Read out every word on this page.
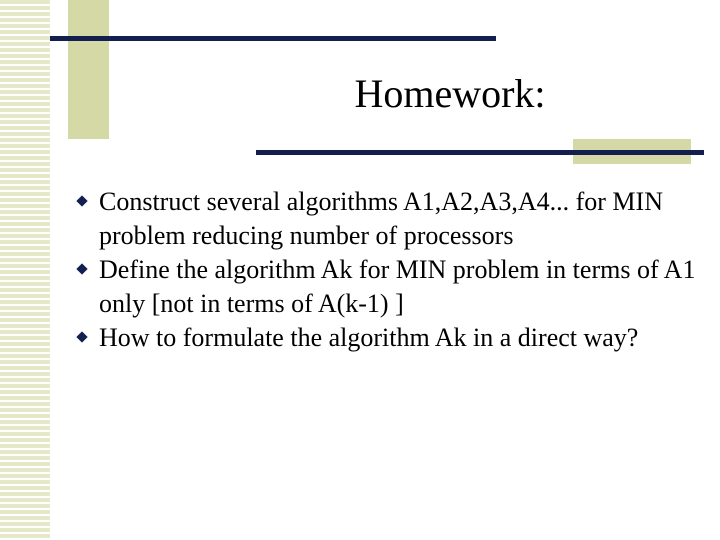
Homework:
Construct several algorithms A1,A2,A3,A4... for MIN problem reducing number of processors
Define the algorithm Ak for MIN problem in terms of A1 only [not in terms of A(k-1) ]
How to formulate the algorithm Ak in a direct way?
